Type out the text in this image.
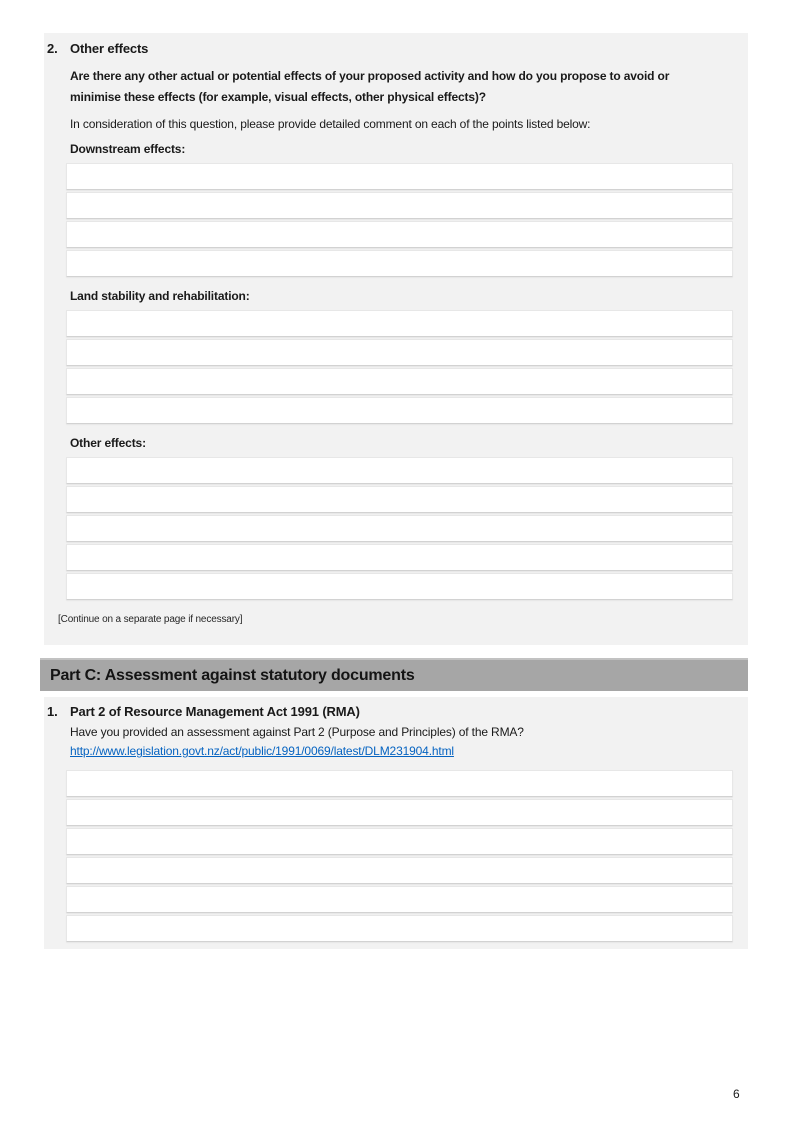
2. Other effects

Are there any other actual or potential effects of your proposed activity and how do you propose to avoid or minimise these effects (for example, visual effects, other physical effects)?

In consideration of this question, please provide detailed comment on each of the points listed below:

Downstream effects:

Land stability and rehabilitation:

Other effects:

[Continue on a separate page if necessary]

Part C: Assessment against statutory documents
1. Part 2 of Resource Management Act 1991 (RMA)

Have you provided an assessment against Part 2 (Purpose and Principles) of the RMA?

http://www.legislation.govt.nz/act/public/1991/0069/latest/DLM231904.html
6
